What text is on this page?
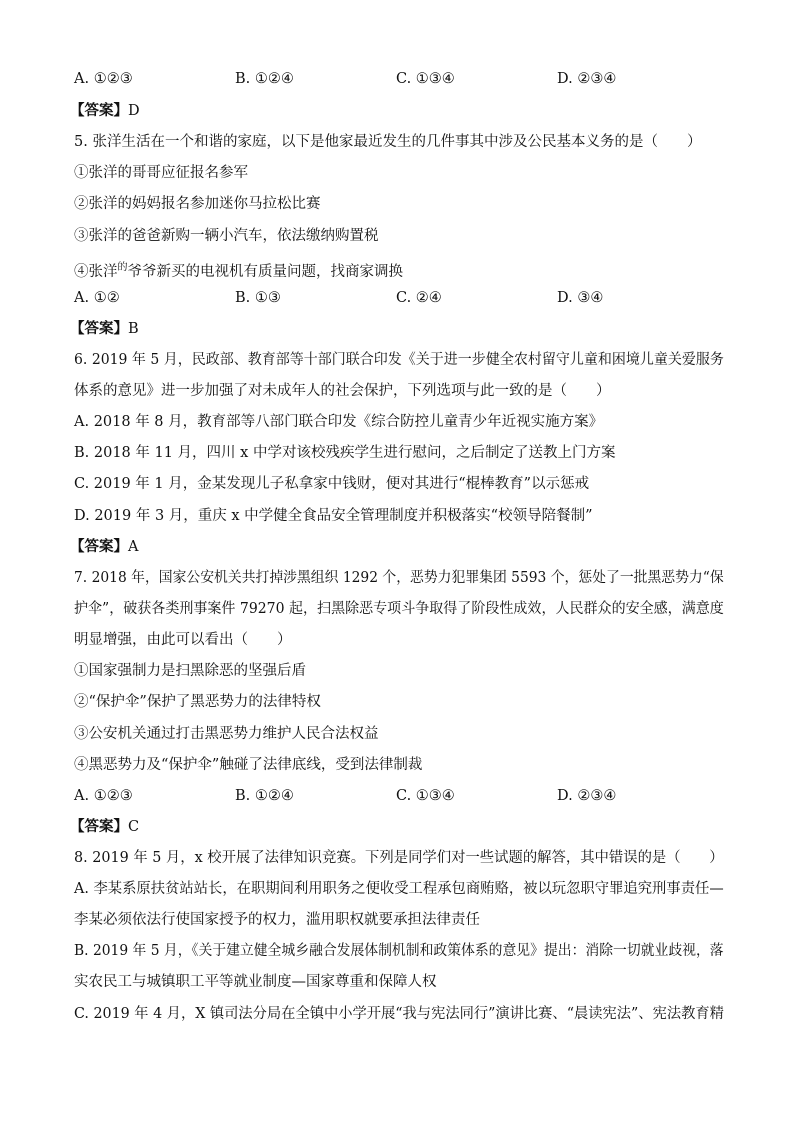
A. ①②③	B. ①②④	C. ①③④	D. ②③④
【答案】D
5. 张洋生活在一个和谐的家庭，以下是他家最近发生的几件事其中涉及公民基本义务的是（　　）
①张洋的哥哥应征报名参军
②张洋的妈妈报名参加迷你马拉松比赛
③张洋的爸爸新购一辆小汽车，依法缴纳购置税
④张洋$^的$爷爷新买的电视机有质量问题，找商家调换
A. ①②	B. ①③	C. ②④	D. ③④
【答案】B
6. 2019 年 5 月，民政部、教育部等十部门联合印发《关于进一步健全农村留守儿童和困境儿童关爱服务
体系的意见》进一步加强了对未成年人的社会保护，下列选项与此一致的是（　　）
A. 2018 年 8 月，教育部等八部门联合印发《综合防控儿童青少年近视实施方案》
B. 2018 年 11 月，四川 x 中学对该校残疾学生进行慰问，之后制定了送教上门方案
C. 2019 年 1 月，金某发现儿子私拿家中钱财，便对其进行“棍棒教育”以示惩戒
D. 2019 年 3 月，重庆 x 中学健全食品安全管理制度并积极落实“校领导陪餐制”
【答案】A
7. 2018 年，国家公安机关共打掉涉黑组织 1292 个，恶势力犯罪集团 5593 个，惩处了一批黑恶势力“保
护伞”，破获各类刑事案件 79270 起，扫黑除恶专项斗争取得了阶段性成效，人民群众的安全感，满意度
明显增强，由此可以看出（　　）
①国家强制力是扫黑除恶的坚强后盾
②“保护伞”保护了黑恶势力的法律特权
③公安机关通过打击黑恶势力维护人民合法权益
④黑恶势力及“保护伞”触碰了法律底线，受到法律制裁
A. ①②③	B. ①②④	C. ①③④	D. ②③④
【答案】C
8. 2019 年 5 月，x 校开展了法律知识竞赛。下列是同学们对一些试题的解答，其中错误的是（　　）
A. 李某系原扶贫站站长，在职期间利用职务之便收受工程承包商贿赂，被以玩忽职守罪追究刑事责任—
李某必须依法行使国家授予的权力，滥用职权就要承担法律责任
B. 2019 年 5 月，《关于建立健全城乡融合发展体制机制和政策体系的意见》提出：消除一切就业歧视，落
实农民工与城镇职工平等就业制度—国家尊重和保障人权
C. 2019 年 4 月，X 镇司法分局在全镇中小学开展“我与宪法同行”演讲比赛、“晨读宪法”、宪法教育精
